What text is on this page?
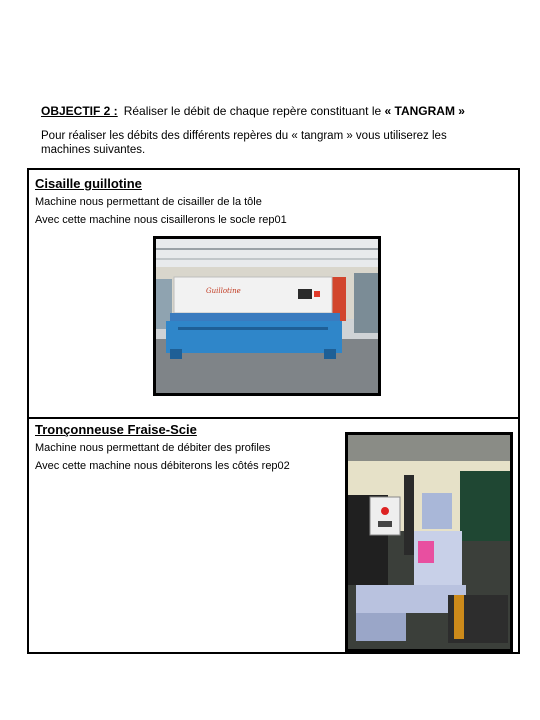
OBJECTIF 2 : Réaliser le débit de chaque repère constituant le « TANGRAM »
Pour réaliser les débits des différents repères du « tangram » vous utiliserez les machines suivantes.
Cisaille guillotine
Machine nous permettant de cisailler de la tôle
Avec cette machine nous cisaillerons le socle rep01
Guillotine
Tronçonneuse Fraise-Scie
Machine nous permettant de débiter des profiles
Avec cette machine nous débiterons les côtés rep02
